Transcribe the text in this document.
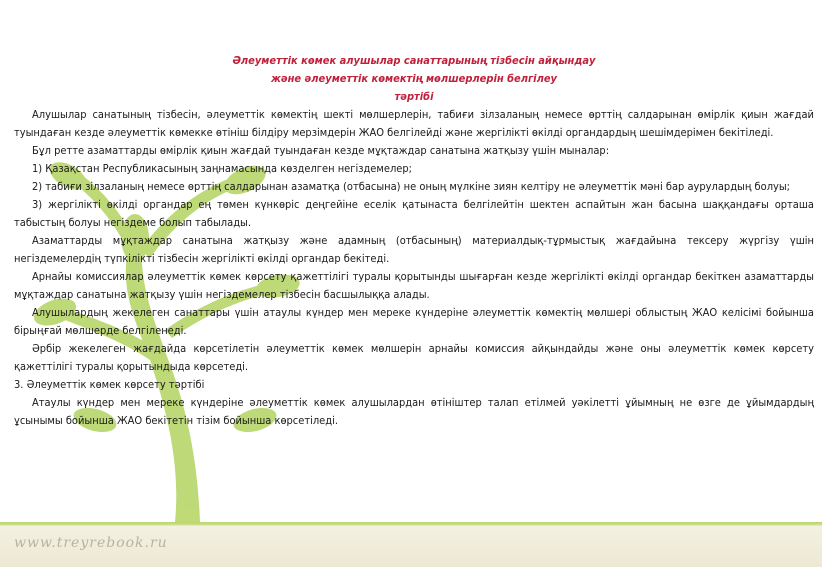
www.treyrebook.ru

Әлеуметтік көмек алушылар санаттарының тізбесін айқындау
және әлеуметтік көмектің мөлшерлерін белгілеу
тәртібі

Алушылар санатының тізбесін, әлеуметтік көмектің шекті мөлшерлерін, табиғи зілзаланың немесе өрттің салдарынан өмірлік қиын жағдай туындаған кезде әлеуметтік көмекке өтініш білдіру мерзімдерін ЖАО белгілейді және жергілікті өкілді органдардың шешімдерімен бекітіледі.

Бұл ретте азаматтарды өмірлік қиын жағдай туындаған кезде мұқтаждар санатына жатқызу үшін мыналар:

1) Қазақстан Республикасының заңнамасында көзделген негіздемелер;

2) табиғи зілзаланың немесе өрттің салдарынан азаматқа (отбасына) не оның мүлкіне зиян келтіру не әлеуметтік мәні бар аурулардың болуы;

3) жергілікті өкілді органдар ең төмен күнкөріс деңгейіне еселік қатынаста белгілейтін шектен аспайтын жан басына шаққандағы орташа табыстың болуы негіздеме болып табылады.

Азаматтарды мұқтаждар санатына жатқызу және адамның (отбасының) материалдық-тұрмыстық жағдайына тексеру жүргізу үшін негіздемелердің түпкілікті тізбесін жергілікті өкілді органдар бекітеді.

Арнайы комиссиялар әлеуметтік көмек көрсету қажеттілігі туралы қорытынды шығарған кезде жергілікті өкілді органдар бекіткен азаматтарды мұқтаждар санатына жатқызу үшін негіздемелер тізбесін басшылыққа алады.

Алушылардың жекелеген санаттары үшін атаулы күндер мен мереке күндеріне әлеуметтік көмектің мөлшері облыстың ЖАО келісімі бойынша бірыңғай мөлшерде белгіленеді.

Әрбір жекелеген жағдайда көрсетілетін әлеуметтік көмек мөлшерін арнайы комиссия айқындайды және оны әлеуметтік көмек көрсету қажеттілігі туралы қорытындыда көрсетеді.

3. Әлеуметтік көмек көрсету тәртібі

Атаулы күндер мен мереке күндеріне әлеуметтік көмек алушылардан өтініштер талап етілмей уәкілетті ұйымның не өзге де ұйымдардың ұсынымы бойынша ЖАО бекітетін тізім бойынша көрсетіледі.
